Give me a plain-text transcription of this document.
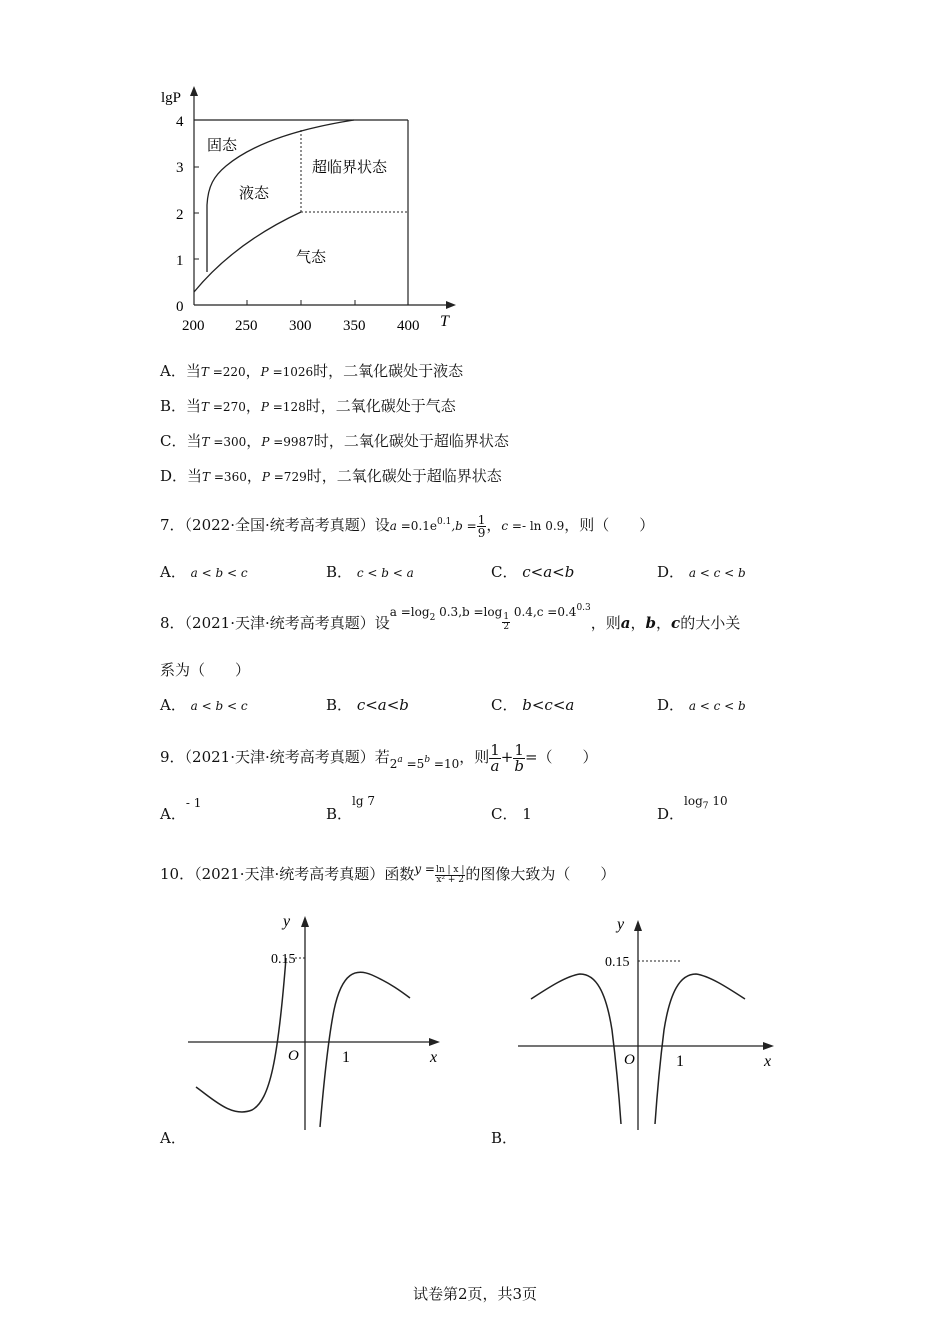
lgP
T
4
3
2
1
0
200 250 300 350 400
固态
液态
超临界状态
气态
A．当T =220，P =1026时，二氧化碳处于液态
B．当T =270，P =128时，二氧化碳处于气态
C．当T =300，P =9987时，二氧化碳处于超临界状态
D．当T =360，P =729时，二氧化碳处于超临界状态
7．（2022·全国·统考高考真题）设$a =0.1e^{0.1},b = \frac{1}{9}$ ，c =- ln 0.9，则（　　）
A． a < b < c	B． c < b < a	C． c<a<b	D． a < c < b
8．（2021·天津·统考高考真题）设$a =\log_2$ 0.3,b =log
$\frac{1}{2}$
$0.4,c =0.4^{0.3}$，则a，b，c的大小关
系为（　　）
A． a < b < c	B． c<a<b	C． b<c<a	D． a < c < b
9．（2021·天津·统考高考真题）若$2^a =5^b =10$，则 $\frac{1}{a} + \frac{1}{b}$ =（　　）
A．$^{- 1}$
B．$^{lg 7}$
C． 1	D．$^{log_7 10}$
10．（2021·天津·统考高考真题）函数$y = \frac{\ln | x |}{\text{x² + 2}}$ 的图像大致为（　　）
y
x
O	1
0.15
A．
y
x
O	1
0.15
B．
试卷第2页，共3页
